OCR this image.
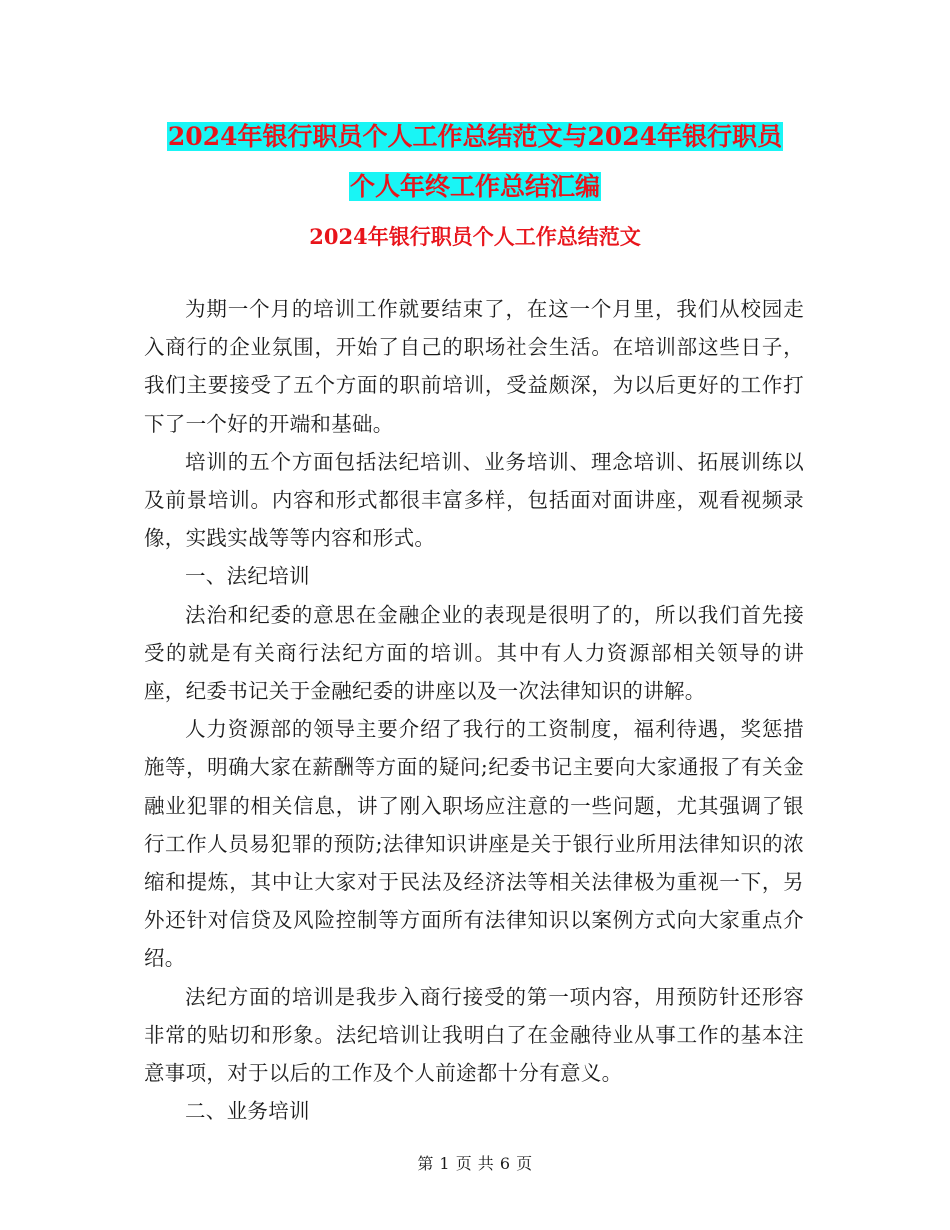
2024年银行职员个人工作总结范文与2024年银行职员
个人年终工作总结汇编
2024年银行职员个人工作总结范文

为期一个月的培训工作就要结束了，在这一个月里，我们从校园走入商行的企业氛围，开始了自己的职场社会生活。在培训部这些日子，我们主要接受了五个方面的职前培训，受益颇深，为以后更好的工作打下了一个好的开端和基础。

培训的五个方面包括法纪培训、业务培训、理念培训、拓展训练以及前景培训。内容和形式都很丰富多样，包括面对面讲座，观看视频录像，实践实战等等内容和形式。

一、法纪培训

法治和纪委的意思在金融企业的表现是很明了的，所以我们首先接受的就是有关商行法纪方面的培训。其中有人力资源部相关领导的讲座，纪委书记关于金融纪委的讲座以及一次法律知识的讲解。

人力资源部的领导主要介绍了我行的工资制度，福利待遇，奖惩措施等，明确大家在薪酬等方面的疑问;纪委书记主要向大家通报了有关金融业犯罪的相关信息，讲了刚入职场应注意的一些问题，尤其强调了银行工作人员易犯罪的预防;法律知识讲座是关于银行业所用法律知识的浓缩和提炼，其中让大家对于民法及经济法等相关法律极为重视一下，另外还针对信贷及风险控制等方面所有法律知识以案例方式向大家重点介绍。

法纪方面的培训是我步入商行接受的第一项内容，用预防针还形容非常的贴切和形象。法纪培训让我明白了在金融待业从事工作的基本注意事项，对于以后的工作及个人前途都十分有意义。

二、业务培训

第 1 页 共 6 页
